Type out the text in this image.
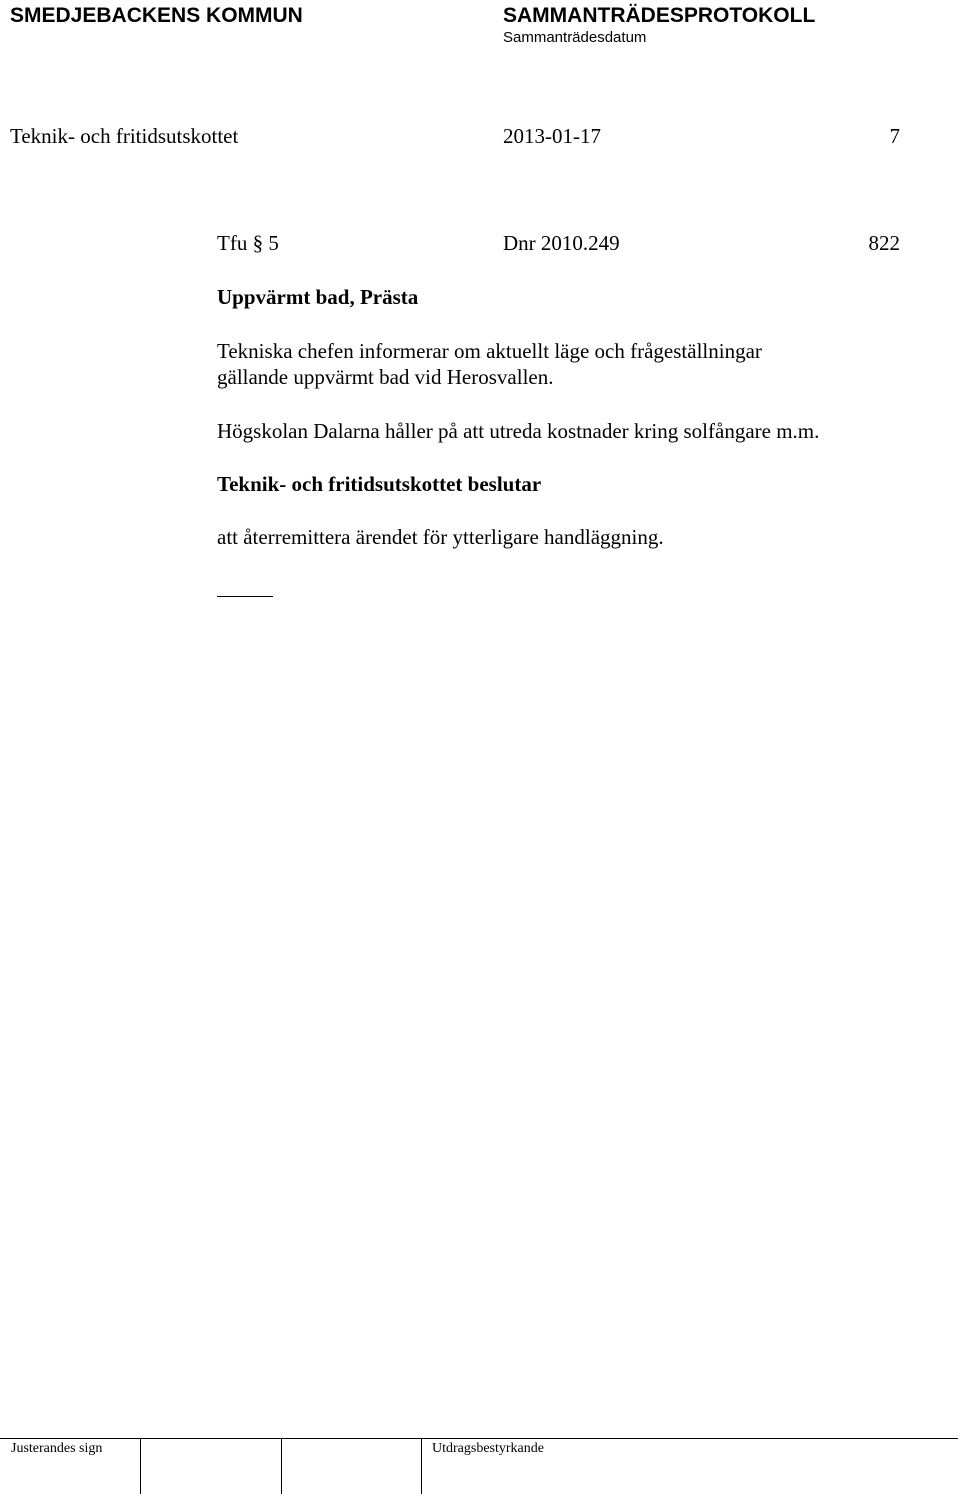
SMEDJEBACKENS KOMMUN	SAMMANTRÄDESPROTOKOLL
Sammanträdesdatum
Teknik- och fritidsutskottet	2013-01-17	7
Tfu § 5	Dnr 2010.249	822
Uppvärmt bad, Prästa
Tekniska chefen informerar om aktuellt läge och frågeställningar
gällande uppvärmt bad vid Herosvallen.
Högskolan Dalarna håller på att utreda kostnader kring solfångare m.m.
Teknik- och fritidsutskottet beslutar
att återremittera ärendet för ytterligare handläggning.
Justerandes sign	Utdragsbestyrkande
